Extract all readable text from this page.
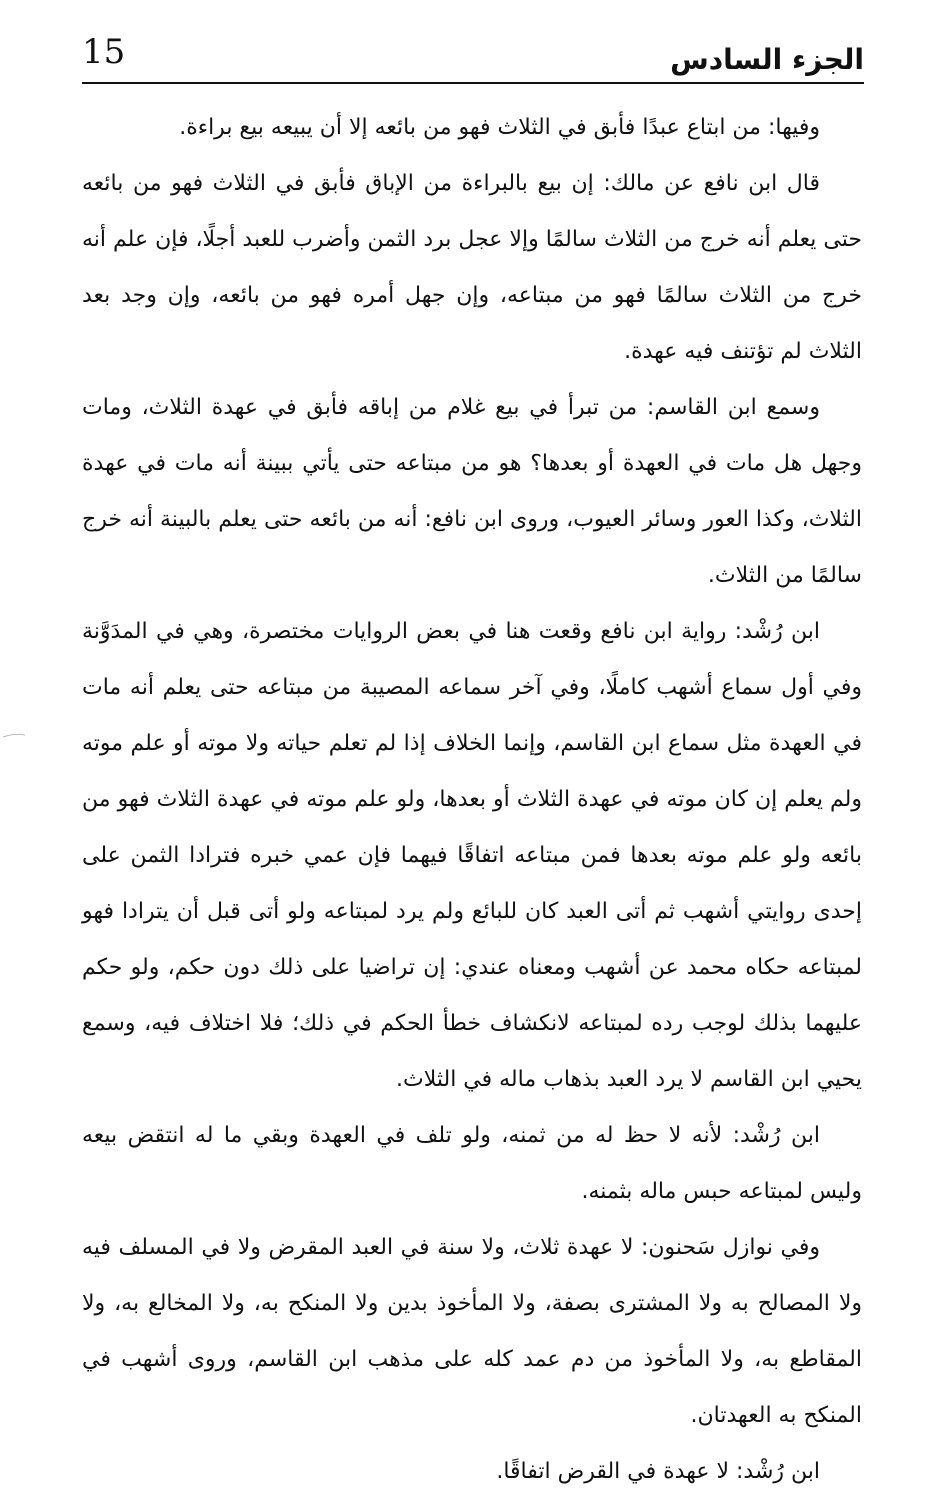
15	الجزء السادس

وفيها: من ابتاع عبدًا فأبق في الثلاث فهو من بائعه إلا أن يبيعه بيع براءة.

قال ابن نافع عن مالك: إن بيع بالبراءة من الإباق فأبق في الثلاث فهو من بائعه حتى يعلم أنه خرج من الثلاث سالمًا وإلا عجل برد الثمن وأضرب للعبد أجلًا، فإن علم أنه خرج من الثلاث سالمًا فهو من مبتاعه، وإن جهل أمره فهو من بائعه، وإن وجد بعد الثلاث لم تؤتنف فيه عهدة.

وسمع ابن القاسم: من تبرأ في بيع غلام من إباقه فأبق في عهدة الثلاث، ومات وجهل هل مات في العهدة أو بعدها؟ هو من مبتاعه حتى يأتي ببينة أنه مات في عهدة الثلاث، وكذا العور وسائر العيوب، وروى ابن نافع: أنه من بائعه حتى يعلم بالبينة أنه خرج سالمًا من الثلاث.

ابن رُشْد: رواية ابن نافع وقعت هنا في بعض الروايات مختصرة، وهي في المدَوَّنة وفي أول سماع أشهب كاملًا، وفي آخر سماعه المصيبة من مبتاعه حتى يعلم أنه مات في العهدة مثل سماع ابن القاسم، وإنما الخلاف إذا لم تعلم حياته ولا موته أو علم موته ولم يعلم إن كان موته في عهدة الثلاث أو بعدها، ولو علم موته في عهدة الثلاث فهو من بائعه ولو علم موته بعدها فمن مبتاعه اتفاقًا فيهما فإن عمي خبره فترادا الثمن على إحدى روايتي أشهب ثم أتى العبد كان للبائع ولم يرد لمبتاعه ولو أتى قبل أن يترادا فهو لمبتاعه حكاه محمد عن أشهب ومعناه عندي: إن تراضيا على ذلك دون حكم، ولو حكم عليهما بذلك لوجب رده لمبتاعه لانكشاف خطأ الحكم في ذلك؛ فلا اختلاف فيه، وسمع يحيي ابن القاسم لا يرد العبد بذهاب ماله في الثلاث.

ابن رُشْد: لأنه لا حظ له من ثمنه، ولو تلف في العهدة وبقي ما له انتقض بيعه وليس لمبتاعه حبس ماله بثمنه.

وفي نوازل سَحنون: لا عهدة ثلاث، ولا سنة في العبد المقرض ولا في المسلف فيه ولا المصالح به ولا المشترى بصفة، ولا المأخوذ بدين ولا المنكح به، ولا المخالع به، ولا المقاطع به، ولا المأخوذ من دم عمد كله على مذهب ابن القاسم، وروى أشهب في المنكح به العهدتان.

ابن رُشْد: لا عهدة في القرض اتفاقًا.
